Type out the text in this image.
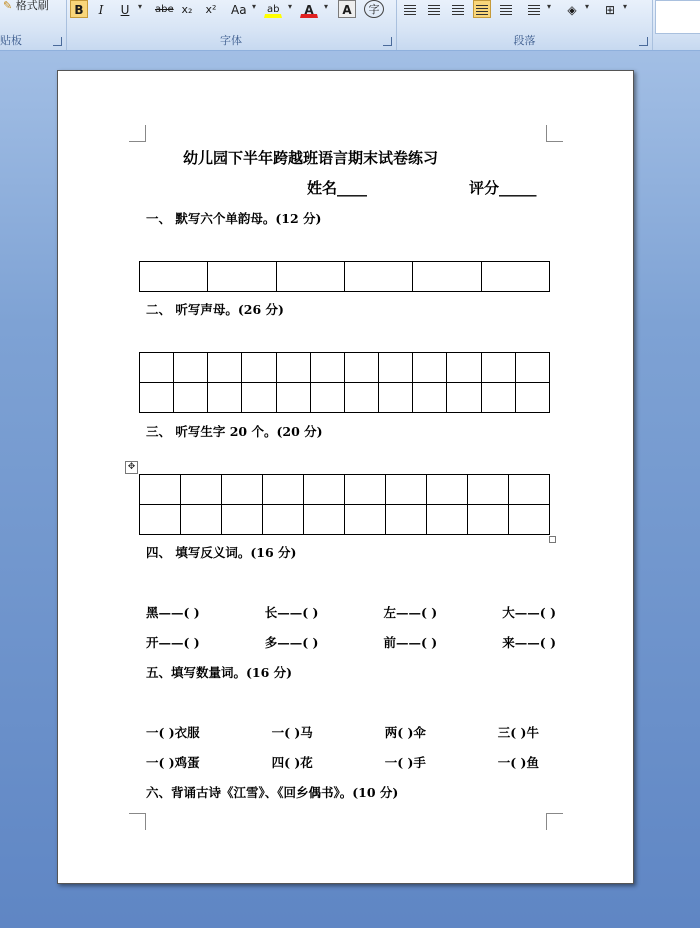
✎ 格式刷
贴板
B	I	U	▾	abe x₂	x² Aa ▾	ab	▾	A	▾	A	字
字体
▾	◈	▾	⊞ ▾
段落
幼儿园下半年跨越班语言期末试卷练习
姓名____	评分_____
一、 默写六个单韵母。(12 分)

二、 听写声母。(26 分)

三、 听写生字 20 个。(20 分)
✥

四、 填写反义词。(16 分)
黑——( )	长——( )	左——( )	大——( )
开——( )	多——( )	前——( )	来——( )
五、填写数量词。(16 分)
一( )衣服	一( )马	两( )伞	三( )牛
一( )鸡蛋	四( )花	一( )手	一( )鱼
六、背诵古诗《江雪》、《回乡偶书》。(10 分)
